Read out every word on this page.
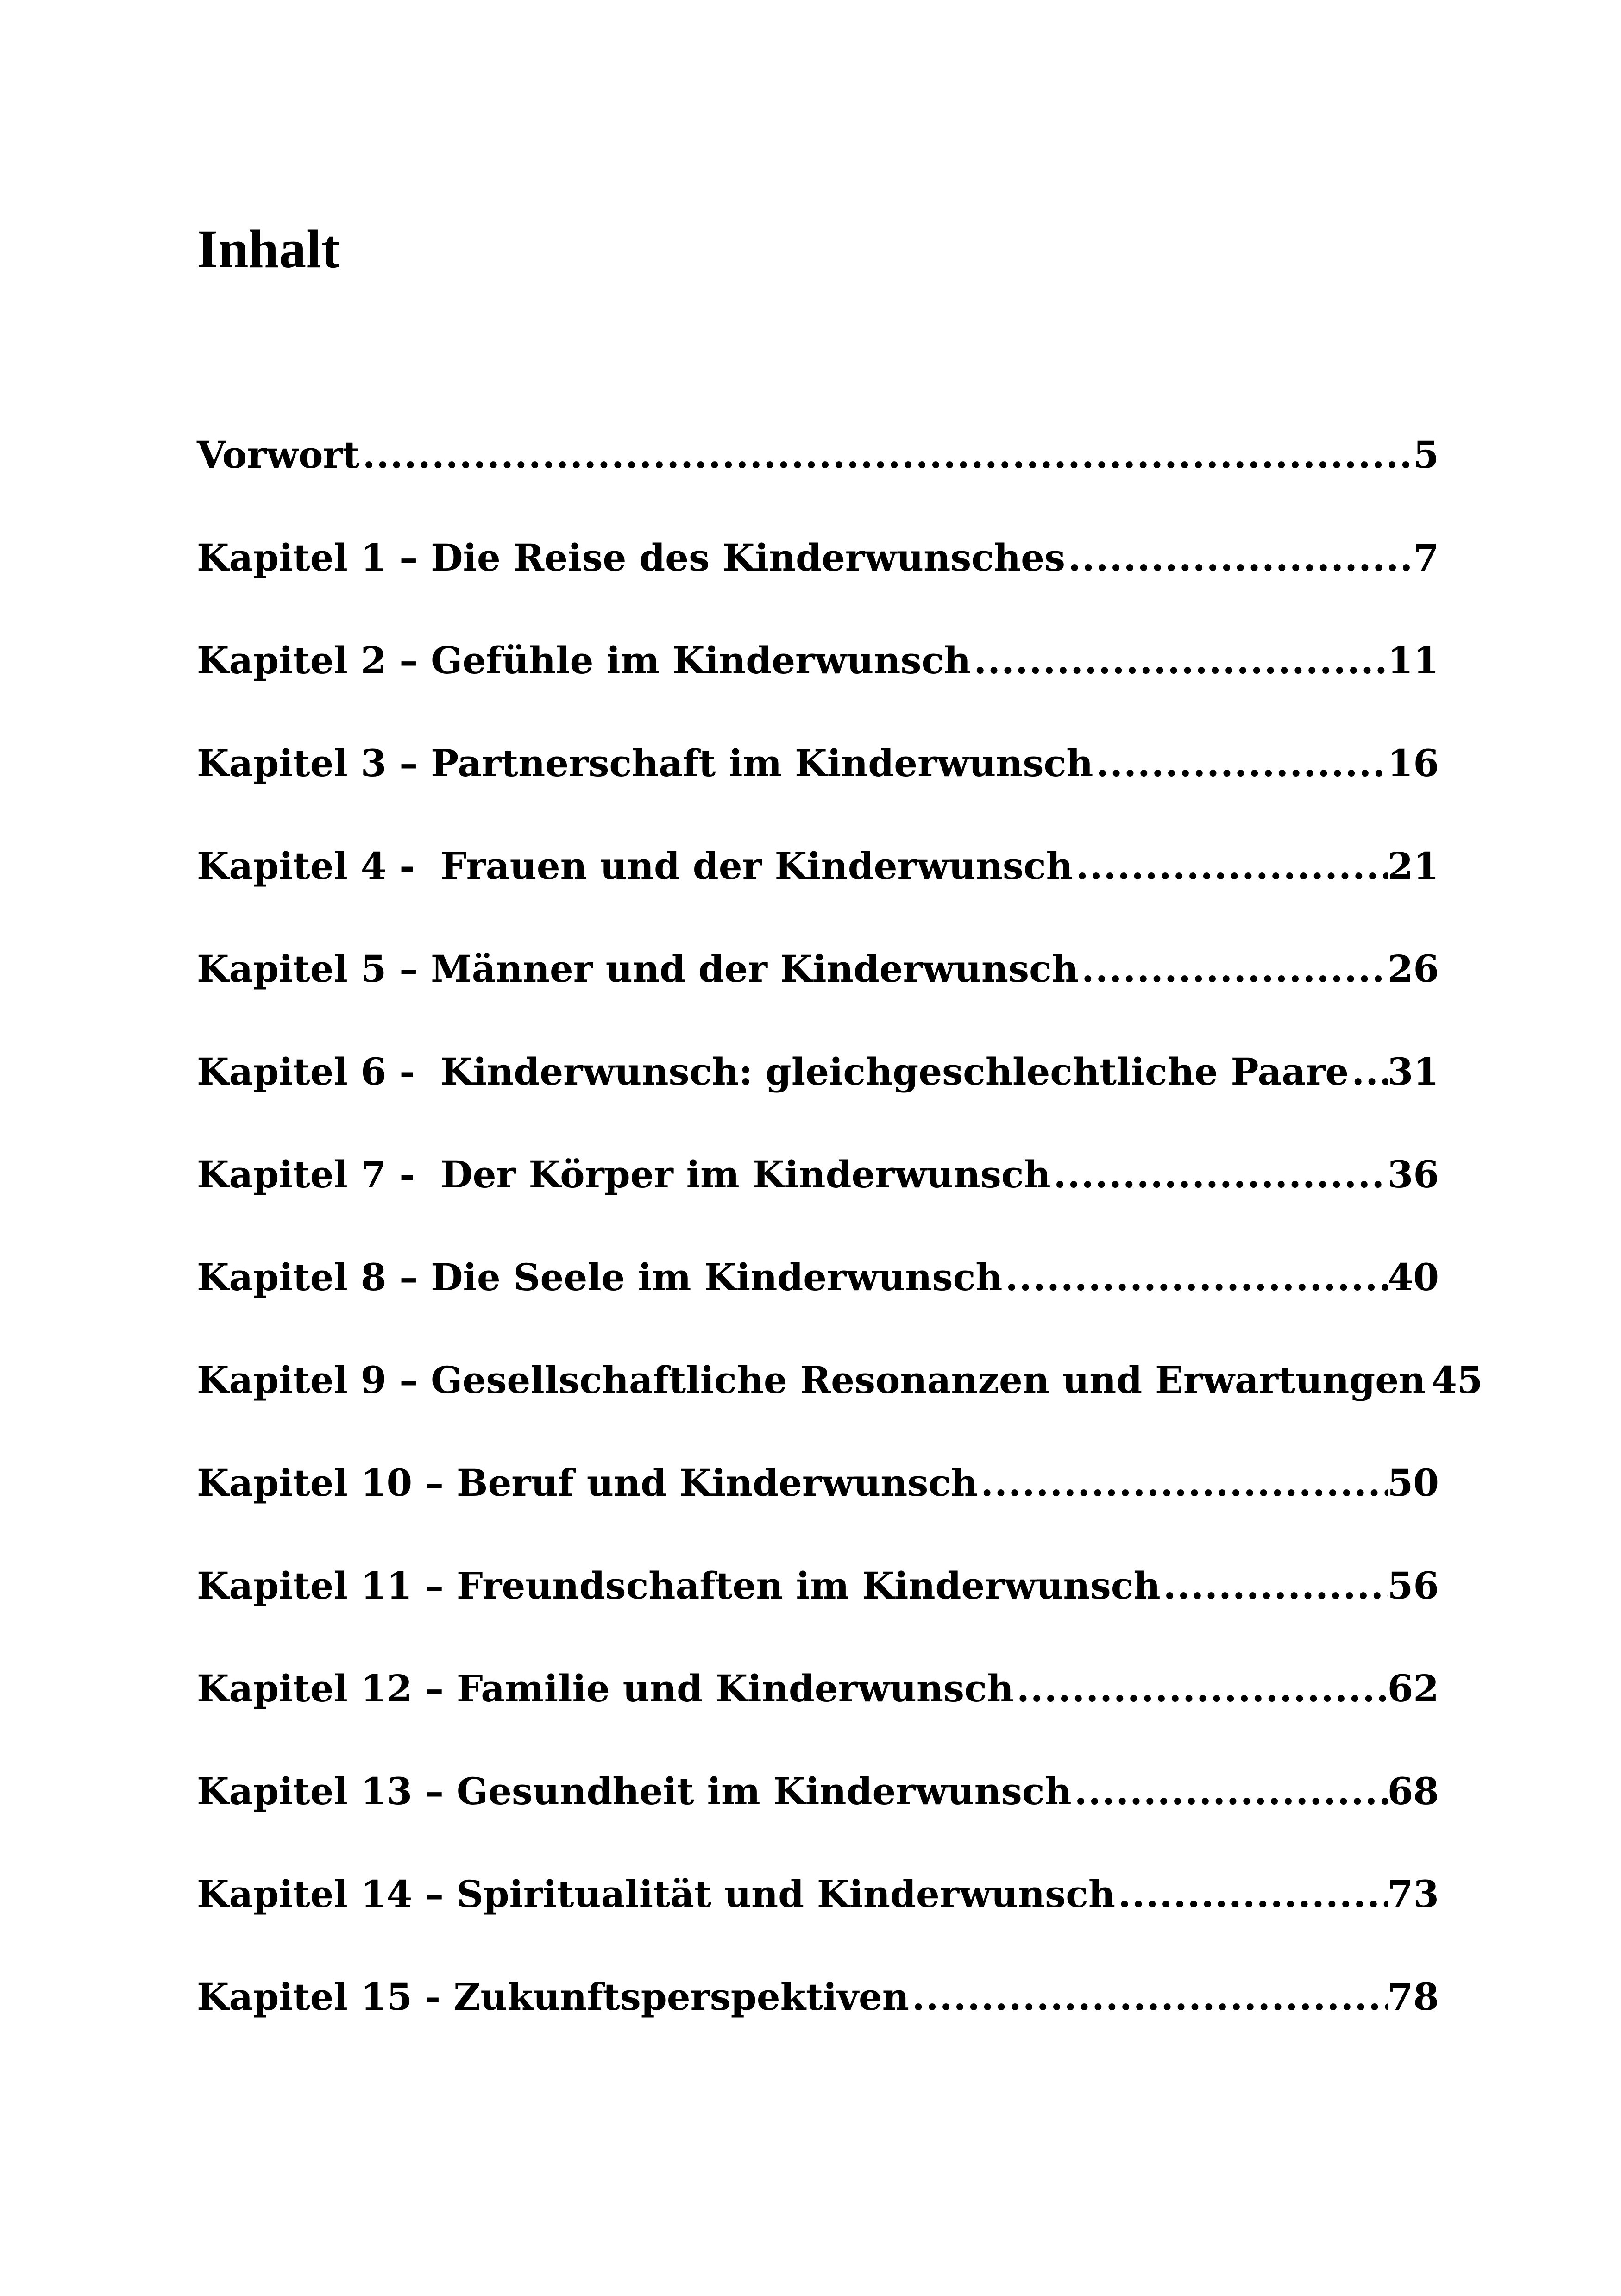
Inhalt
Vorwort .....	5
Kapitel 1 – Die Reise des Kinderwunsches .....	7
Kapitel 2 – Gefühle im Kinderwunsch .....	11
Kapitel 3 – Partnerschaft im Kinderwunsch .....	16
Kapitel 4 -  Frauen und der Kinderwunsch .....	21
Kapitel 5 – Männer und der Kinderwunsch .....	26
Kapitel 6 -  Kinderwunsch: gleichgeschlechtliche Paare ..... 31
Kapitel 7 -  Der Körper im Kinderwunsch .....	36
Kapitel 8 – Die Seele im Kinderwunsch .....	40
Kapitel 9 – Gesellschaftliche Resonanzen und Erwartungen ..... 45
Kapitel 10 – Beruf und Kinderwunsch .....	50
Kapitel 11 – Freundschaften im Kinderwunsch .....	56
Kapitel 12 – Familie und Kinderwunsch .....	62
Kapitel 13 – Gesundheit im Kinderwunsch .....	68
Kapitel 14 – Spiritualität und Kinderwunsch .....	73
Kapitel 15 - Zukunftsperspektiven .....	78
